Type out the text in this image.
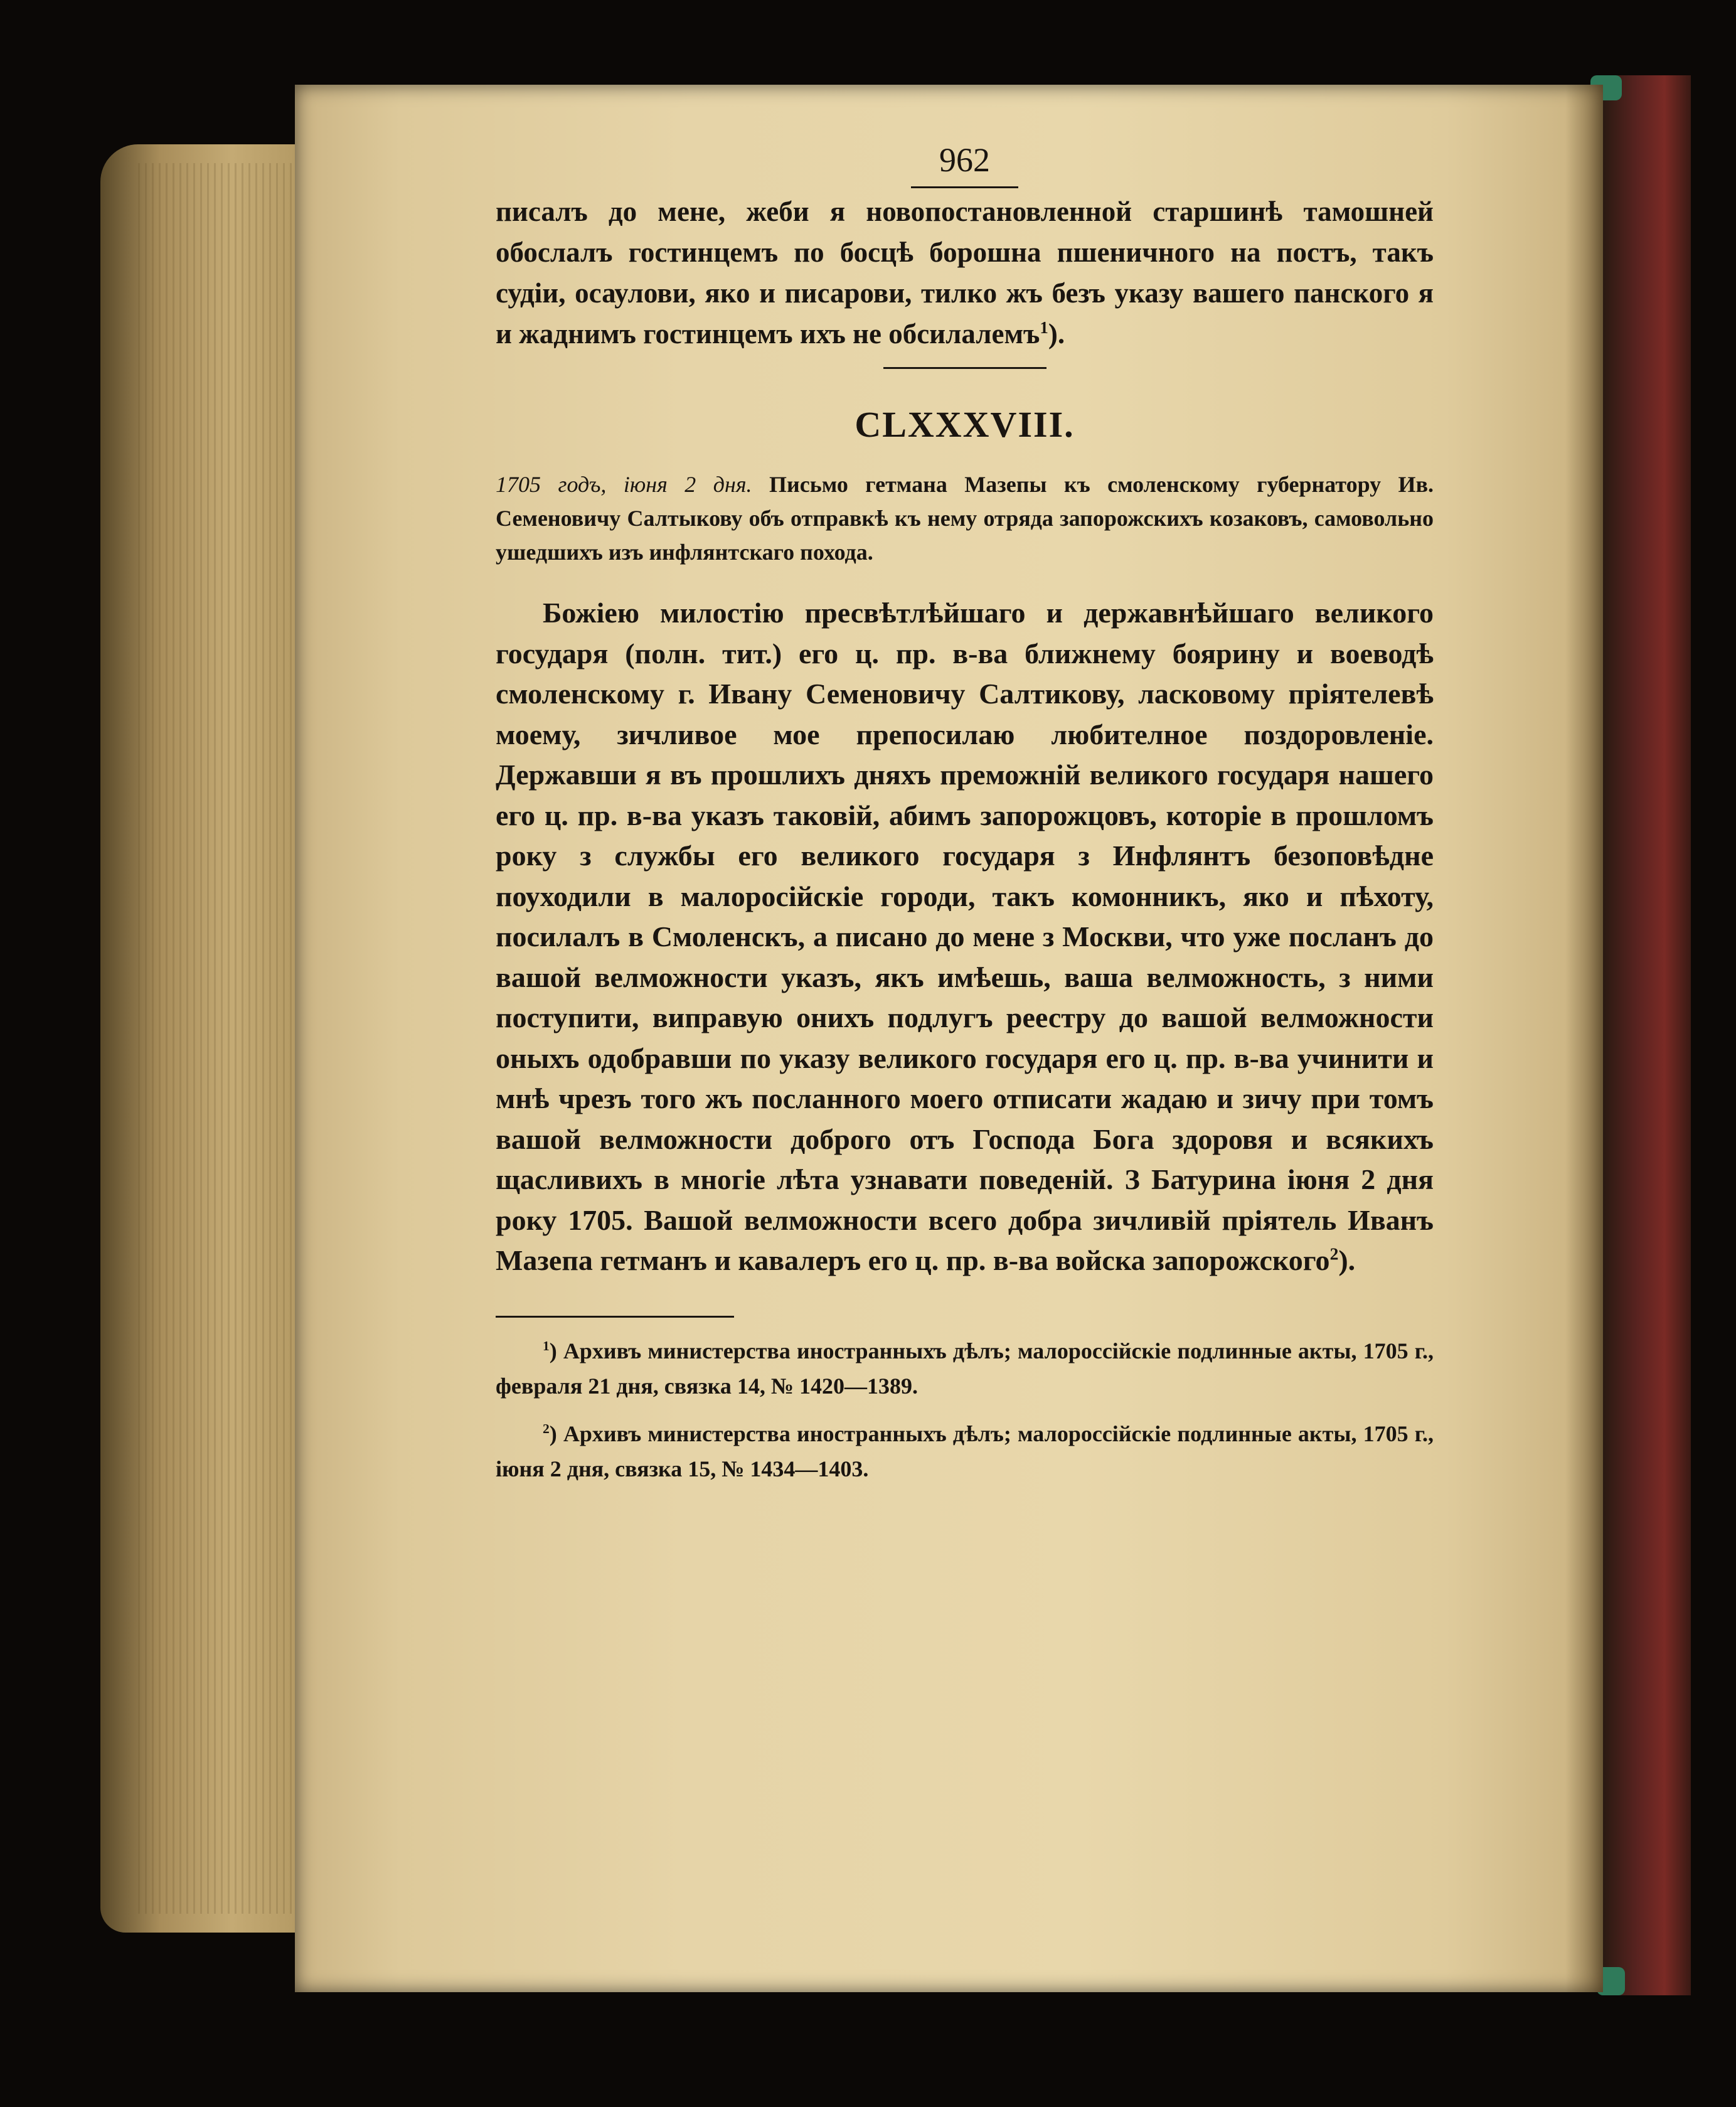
962

писалъ до мене, жеби я новопостановленной старшинѣ тамошней обослалъ гостинцемъ по босцѣ борошна пшеничного на постъ, такъ судіи, осаулови, яко и писарови, тилко жъ безъ указу вашего панского я и жаднимъ гостинцемъ ихъ не обсилалемъ$^1$).

CLXXXVIII.

1705 годъ, іюня 2 дня. Письмо гетмана Мазепы къ смоленскому губернатору Ив. Семеновичу Салтыкову объ отправкѣ къ нему отряда запорожскихъ козаковъ, самовольно ушедшихъ изъ инфлянтскаго похода.

Божіею милостію пресвѣтлѣйшаго и державнѣйшаго великого государя (полн. тит.) его ц. пр. в-ва ближнему боярину и воеводѣ смоленскому г. Ивану Семеновичу Салтикову, ласковому пріятелевѣ моему, зичливое мое препосилаю любителное поздоровленіе. Державши я въ прошлихъ дняхъ преможній великого государя нашего его ц. пр. в-ва указъ таковій, абимъ запорожцовъ, которіе в прошломъ року з службы его великого государя з Инфлянтъ безоповѣдне поуходили в малоросійскіе городи, такъ комонникъ, яко и пѣхоту, посилалъ в Смоленскъ, а писано до мене з Москви, что уже посланъ до вашой велможности указъ, якъ имѣешь, ваша велможность, з ними поступити, виправую онихъ подлугъ реестру до вашой велможности оныхъ одобравши по указу великого государя его ц. пр. в-ва учинити и мнѣ чрезъ того жъ посланного моего отписати жадаю и зичу при томъ вашой велможности доброго отъ Господа Бога здоровя и всякихъ щасливихъ в многіе лѣта узнавати поведеній. З Батурина іюня 2 дня року 1705. Вашой велможности всего добра зичливій пріятель Иванъ Мазепа гетманъ и кавалеръ его ц. пр. в-ва войска запорожского$^2$).

$^1$) Архивъ министерства иностранныхъ дѣлъ; малороссійскіе подлинные акты, 1705 г., февраля 21 дня, связка 14, № 1420—1389.

$^2$) Архивъ министерства иностранныхъ дѣлъ; малороссійскіе подлинные акты, 1705 г., іюня 2 дня, связка 15, № 1434—1403.
